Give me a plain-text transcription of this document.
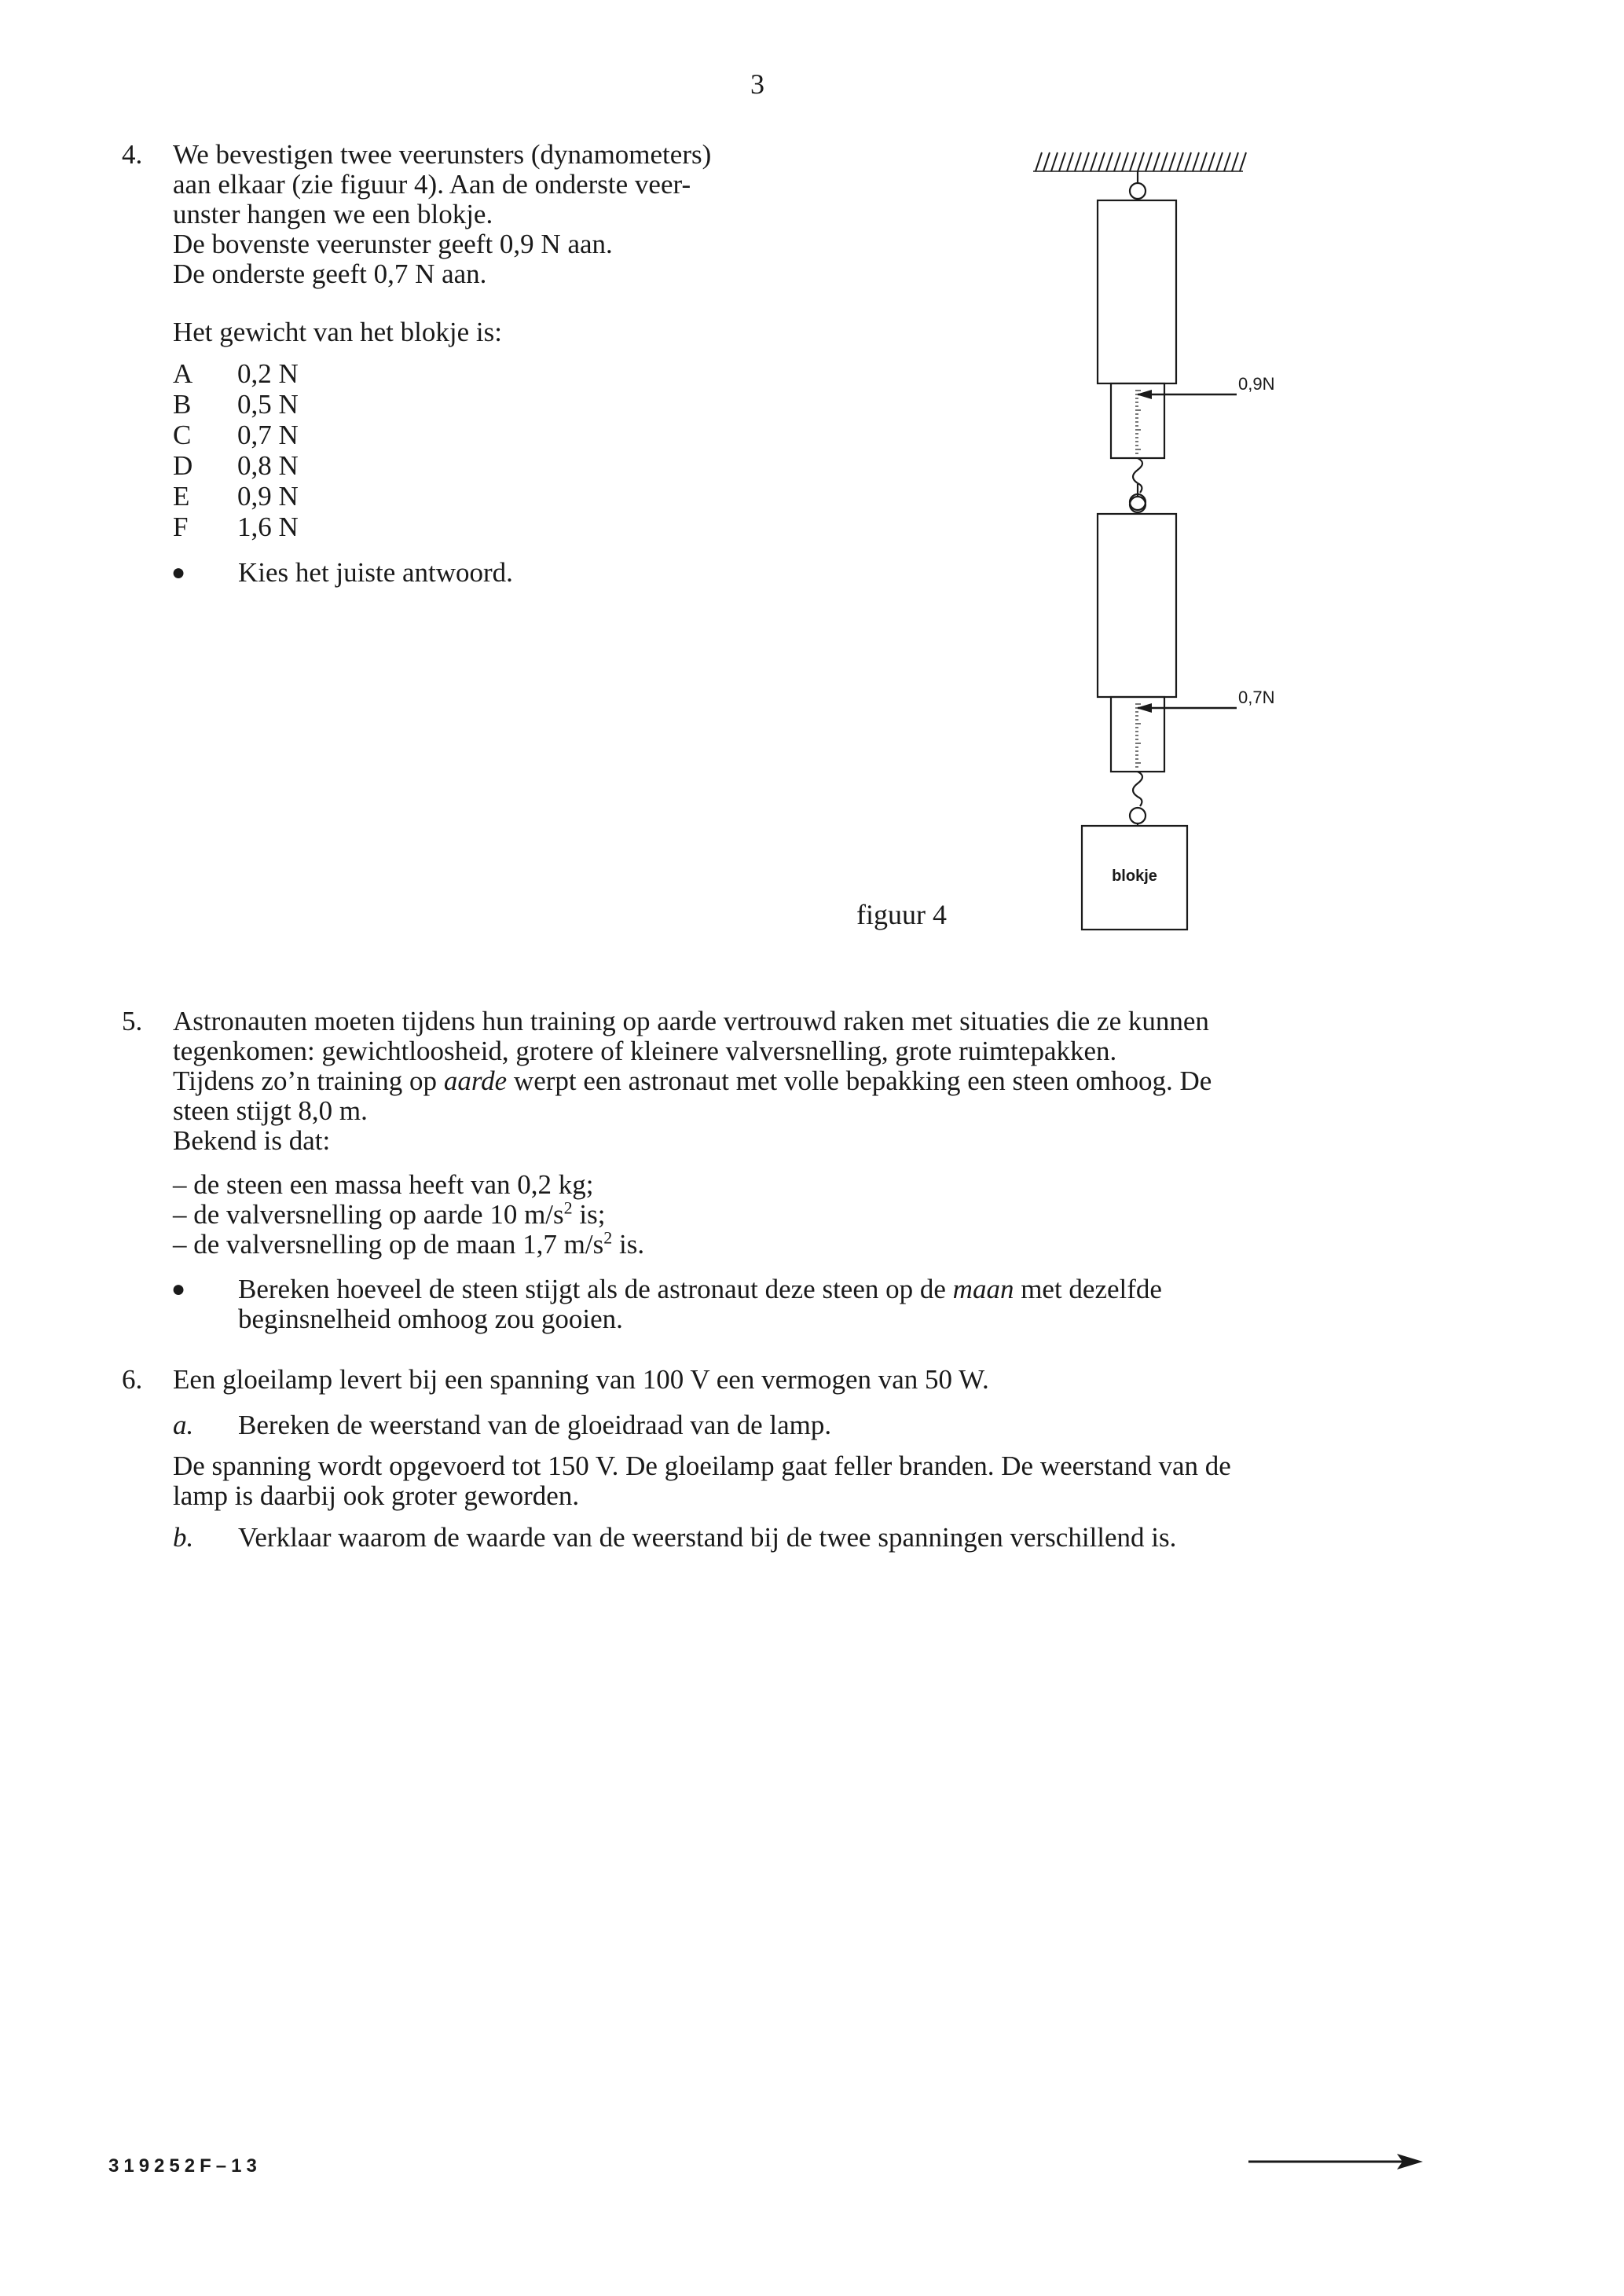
3
4. We bevestigen twee veerunsters (dynamometers)
aan elkaar (zie figuur 4). Aan de onderste veer-
unster hangen we een blokje.
De bovenste veerunster geeft 0,9 N aan.
De onderste geeft 0,7 N aan.
Het gewicht van het blokje is:
A 0,2 N
B 0,5 N
C 0,7 N
D 0,8 N
E 0,9 N
F 1,6 N
● Kies het juiste antwoord.
0,9N
0,7N
blokje
figuur 4
5. Astronauten moeten tijdens hun training op aarde vertrouwd raken met situaties die ze kunnen
tegenkomen: gewichtloosheid, grotere of kleinere valversnelling, grote ruimtepakken.
Tijdens zo’n training op aarde werpt een astronaut met volle bepakking een steen omhoog. De
steen stijgt 8,0 m.
Bekend is dat:
– de steen een massa heeft van 0,2 kg;
– de valversnelling op aarde 10 $m/s^2$ is;
– de valversnelling op de maan 1,7 $m/s^2$ is.
● Bereken hoeveel de steen stijgt als de astronaut deze steen op de maan met dezelfde
beginsnelheid omhoog zou gooien.
6. Een gloeilamp levert bij een spanning van 100 V een vermogen van 50 W.
a. Bereken de weerstand van de gloeidraad van de lamp.
De spanning wordt opgevoerd tot 150 V. De gloeilamp gaat feller branden. De weerstand van de
lamp is daarbij ook groter geworden.
b. Verklaar waarom de waarde van de weerstand bij de twee spanningen verschillend is.
319252F–13
